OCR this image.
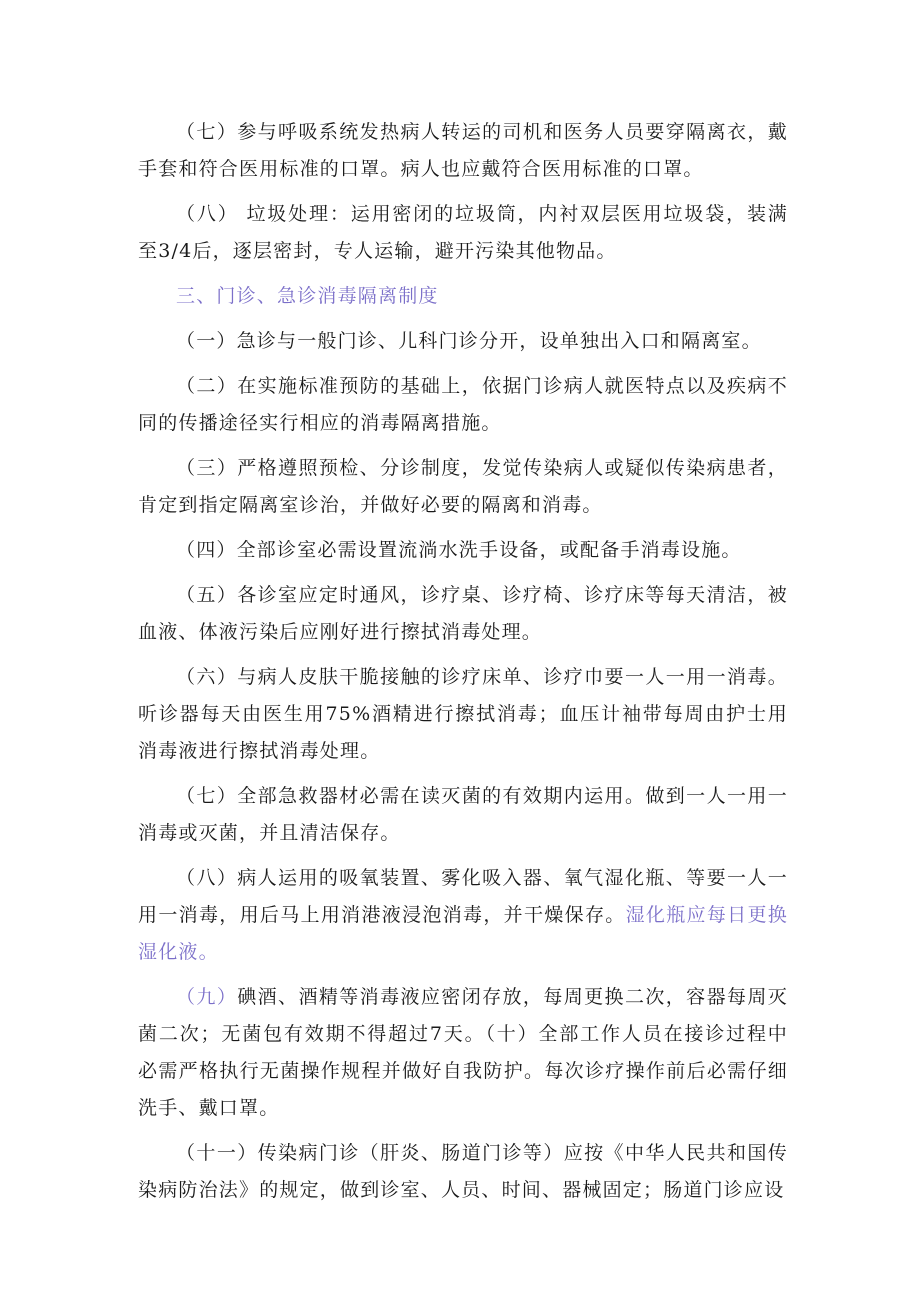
（七）参与呼吸系统发热病人转运的司机和医务人员要穿隔离衣，戴手套和符合医用标准的口罩。病人也应戴符合医用标准的口罩。

（八） 垃圾处理：运用密闭的垃圾筒，内衬双层医用垃圾袋，装满至3/4后，逐层密封，专人运输，避开污染其他物品。

三、门诊、急诊消毒隔离制度

（一）急诊与一般门诊、儿科门诊分开，设单独出入口和隔离室。

（二）在实施标准预防的基础上，依据门诊病人就医特点以及疾病不同的传播途径实行相应的消毒隔离措施。

（三）严格遵照预检、分诊制度，发觉传染病人或疑似传染病患者，肯定到指定隔离室诊治，并做好必要的隔离和消毒。

（四）全部诊室必需设置流淌水洗手设备，或配备手消毒设施。

（五）各诊室应定时通风，诊疗桌、诊疗椅、诊疗床等每天清洁，被血液、体液污染后应刚好进行擦拭消毒处理。

（六）与病人皮肤干脆接触的诊疗床单、诊疗巾要一人一用一消毒。听诊器每天由医生用75%酒精进行擦拭消毒；血压计袖带每周由护士用消毒液进行擦拭消毒处理。

（七）全部急救器材必需在读灭菌的有效期内运用。做到一人一用一消毒或灭菌，并且清洁保存。

（八）病人运用的吸氧装置、雾化吸入器、氧气湿化瓶、等要一人一用一消毒，用后马上用消港液浸泡消毒，并干燥保存。湿化瓶应每日更换湿化液。

（九）碘酒、酒精等消毒液应密闭存放，每周更换二次，容器每周灭菌二次；无菌包有效期不得超过7天。（十）全部工作人员在接诊过程中必需严格执行无菌操作规程并做好自我防护。每次诊疗操作前后必需仔细洗手、戴口罩。

（十一）传染病门诊（肝炎、肠道门诊等）应按《中华人民共和国传染病防治法》的规定，做到诊室、人员、时间、器械固定；肠道门诊应设
